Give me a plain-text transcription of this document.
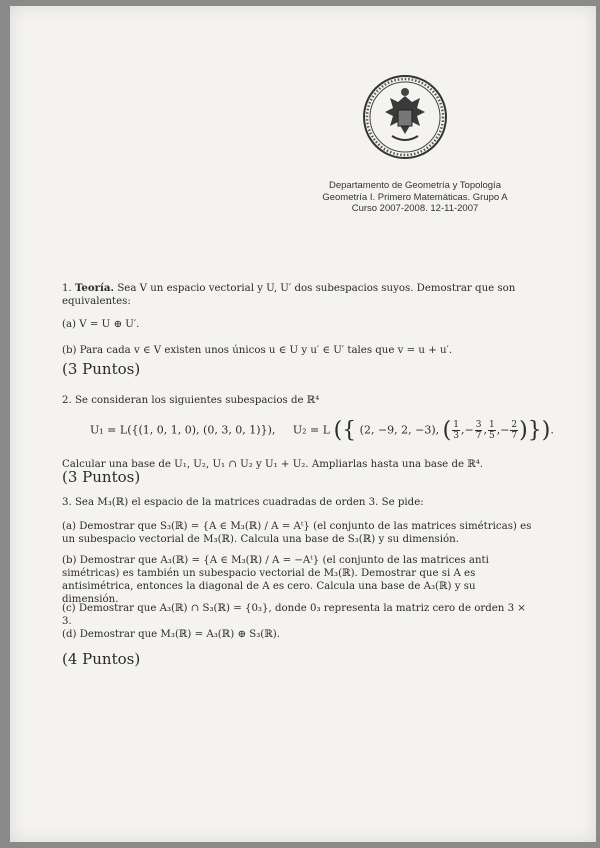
Departamento de Geometría y Topología
Geometría I. Primero Matemáticas. Grupo A
Curso 2007-2008. 12-11-2007
1. Teoría. Sea V un espacio vectorial y U, U′ dos subespacios suyos. Demostrar que son equivalentes:
(a) V = U ⊕ U′.
(b) Para cada v ∈ V existen unos únicos u ∈ U y u′ ∈ U′ tales que v = u + u′.
(3 Puntos)
2. Se consideran los siguientes subespacios de ℝ⁴
U₁ = L({(1, 0, 1, 0), (0, 3, 0, 1)}), U₂ = L ({ (2, −9, 2, −3), ( $\frac{1}{3}$ ,− $\frac{3}{7}$ , $\frac{1}{5}$ ,− $\frac{2}{7}$ )}).
Calcular una base de U₁, U₂, U₁ ∩ U₂ y U₁ + U₂. Ampliarlas hasta una base de ℝ⁴.
(3 Puntos)
3. Sea M₃(ℝ) el espacio de la matrices cuadradas de orden 3. Se pide:
(a) Demostrar que S₃(ℝ) = {A ∈ M₃(ℝ) / A = Aᵗ} (el conjunto de las matrices simétricas) es un subespacio vectorial de M₃(ℝ). Calcula una base de S₃(ℝ) y su dimensión.
(b) Demostrar que A₃(ℝ) = {A ∈ M₃(ℝ) / A = −Aᵗ} (el conjunto de las matrices anti simétricas) es también un subespacio vectorial de M₃(ℝ). Demostrar que si A es antisimétrica, entonces la diagonal de A es cero. Calcula una base de A₃(ℝ) y su dimensión.
(c) Demostrar que A₃(ℝ) ∩ S₃(ℝ) = {0₃}, donde 0₃ representa la matriz cero de orden 3 × 3.
(d) Demostrar que M₃(ℝ) = A₃(ℝ) ⊕ S₃(ℝ).
(4 Puntos)
